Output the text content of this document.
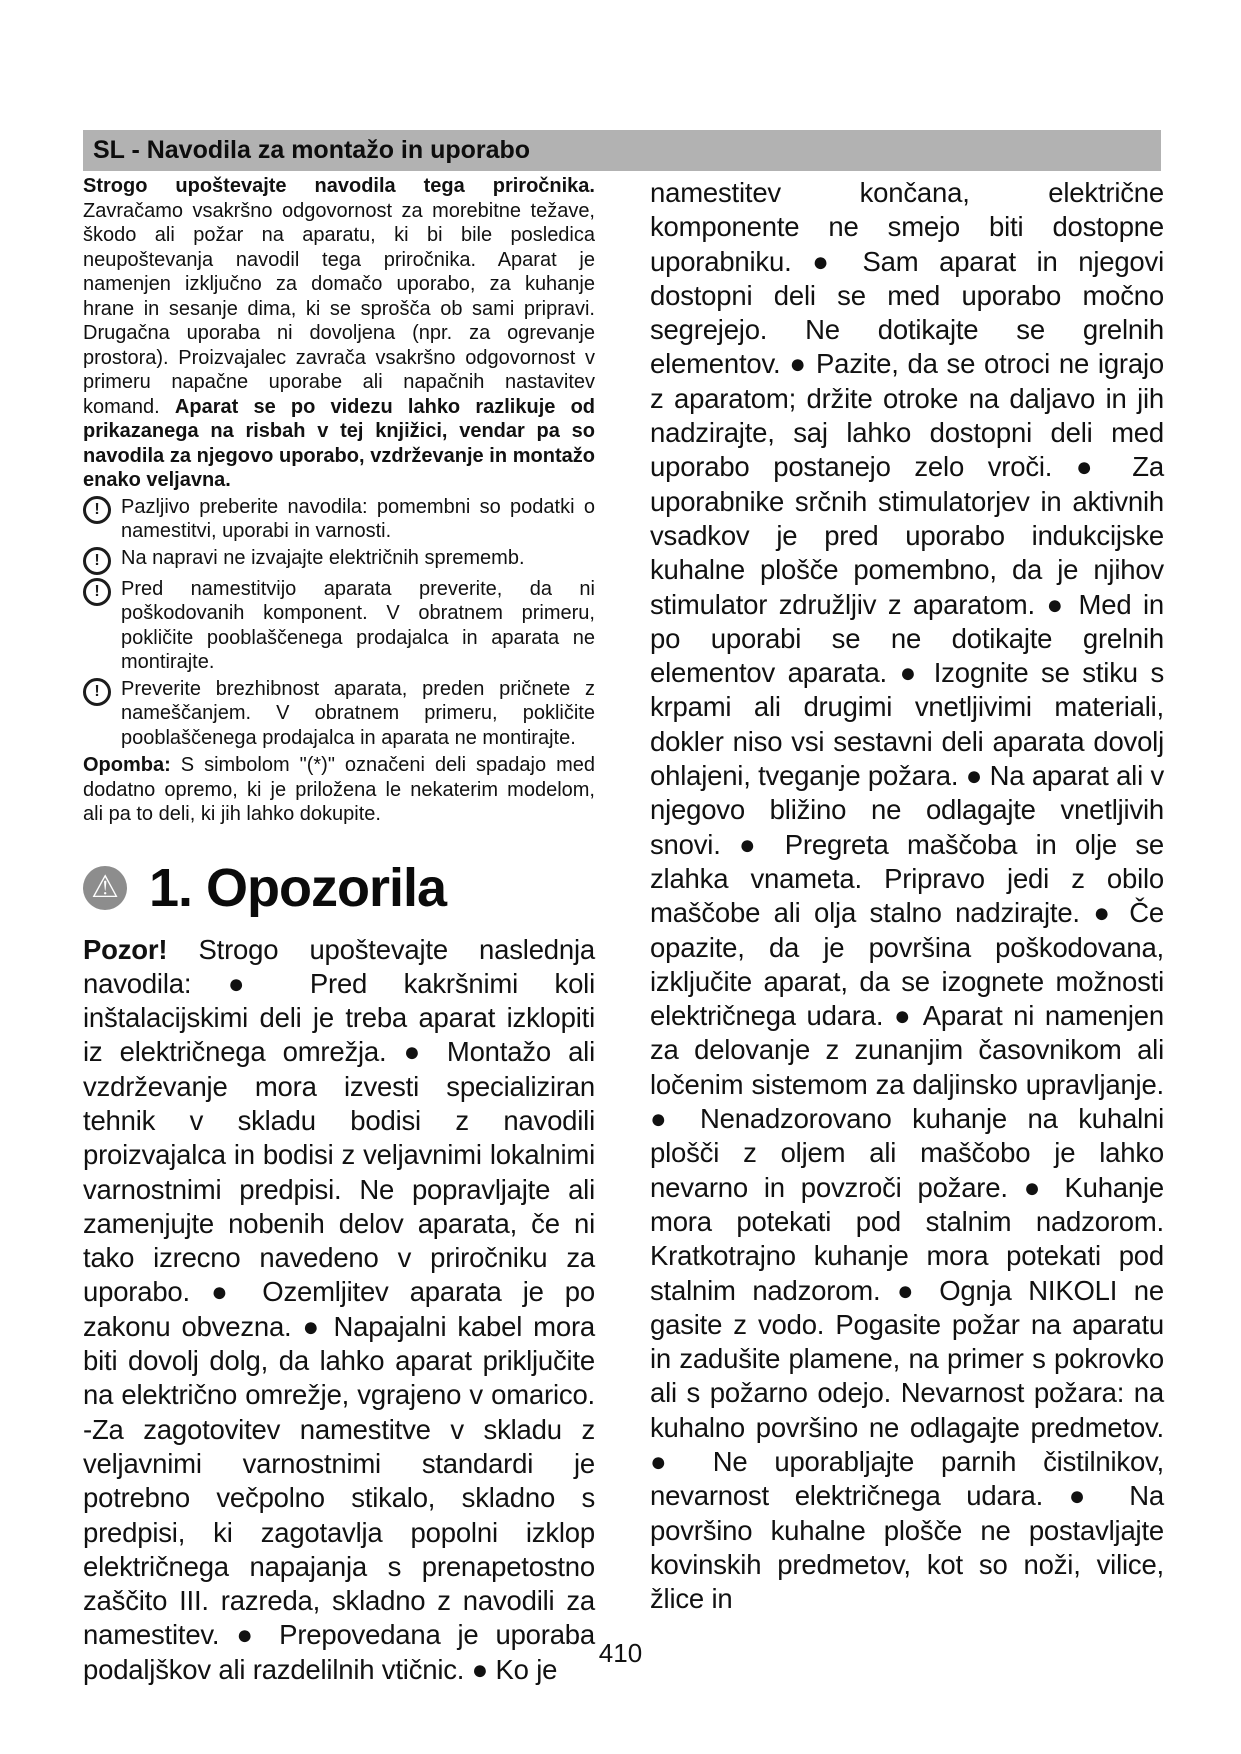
SL - Navodila za montažo in uporabo

Strogo upoštevajte navodila tega priročnika. Zavračamo vsakršno odgovornost za morebitne težave, škodo ali požar na aparatu, ki bi bile posledica neupoštevanja navodil tega priročnika. Aparat je namenjen izključno za domačo uporabo, za kuhanje hrane in sesanje dima, ki se sprošča ob sami pripravi. Drugačna uporaba ni dovoljena (npr. za ogrevanje prostora). Proizvajalec zavrača vsakršno odgovornost v primeru napačne uporabe ali napačnih nastavitev komand. Aparat se po videzu lahko razlikuje od prikazanega na risbah v tej knjižici, vendar pa so navodila za njegovo uporabo, vzdrževanje in montažo enako veljavna.

!	Pazljivo preberite navodila: pomembni so podatki o namestitvi, uporabi in varnosti.
!	Na napravi ne izvajajte električnih sprememb.
!	Pred namestitvijo aparata preverite, da ni poškodovanih komponent. V obratnem primeru, pokličite pooblaščenega prodajalca in aparata ne montirajte.
!	Preverite brezhibnost aparata, preden pričnete z nameščanjem. V obratnem primeru, pokličite pooblaščenega prodajalca in aparata ne montirajte.

Opomba: S simbolom "(*)" označeni deli spadajo med dodatno opremo, ki je priložena le nekaterim modelom, ali pa to deli, ki jih lahko dokupite.

⚠ 1. Opozorila

Pozor! Strogo upoštevajte naslednja navodila: ● Pred kakršnimi koli inštalacijskimi deli je treba aparat izklopiti iz električnega omrežja. ● Montažo ali vzdrževanje mora izvesti specializiran tehnik v skladu bodisi z navodili proizvajalca in bodisi z veljavnimi lokalnimi varnostnimi predpisi. Ne popravljajte ali zamenjujte nobenih delov aparata, če ni tako izrecno navedeno v priročniku za uporabo. ● Ozemljitev aparata je po zakonu obvezna. ● Napajalni kabel mora biti dovolj dolg, da lahko aparat priključite na električno omrežje, vgrajeno v omarico. -Za zagotovitev namestitve v skladu z veljavnimi varnostnimi standardi je potrebno večpolno stikalo, skladno s predpisi, ki zagotavlja popolni izklop električnega napajanja s prenapetostno zaščito III. razreda, skladno z navodili za namestitev. ● Prepovedana je uporaba podaljškov ali razdelilnih vtičnic. ● Ko je

namestitev končana, električne komponente ne smejo biti dostopne uporabniku. ● Sam aparat in njegovi dostopni deli se med uporabo močno segrejejo. Ne dotikajte se grelnih elementov. ● Pazite, da se otroci ne igrajo z aparatom; držite otroke na daljavo in jih nadzirajte, saj lahko dostopni deli med uporabo postanejo zelo vroči. ● Za uporabnike srčnih stimulatorjev in aktivnih vsadkov je pred uporabo indukcijske kuhalne plošče pomembno, da je njihov stimulator združljiv z aparatom. ● Med in po uporabi se ne dotikajte grelnih elementov aparata. ● Izognite se stiku s krpami ali drugimi vnetljivimi materiali, dokler niso vsi sestavni deli aparata dovolj ohlajeni, tveganje požara. ● Na aparat ali v njegovo bližino ne odlagajte vnetljivih snovi. ● Pregreta maščoba in olje se zlahka vnameta. Pripravo jedi z obilo maščobe ali olja stalno nadzirajte. ● Če opazite, da je površina poškodovana, izključite aparat, da se izognete možnosti električnega udara. ● Aparat ni namenjen za delovanje z zunanjim časovnikom ali ločenim sistemom za daljinsko upravljanje. ● Nenadzorovano kuhanje na kuhalni plošči z oljem ali maščobo je lahko nevarno in povzroči požare. ● Kuhanje mora potekati pod stalnim nadzorom. Kratkotrajno kuhanje mora potekati pod stalnim nadzorom. ● Ognja NIKOLI ne gasite z vodo. Pogasite požar na aparatu in zadušite plamene, na primer s pokrovko ali s požarno odejo. Nevarnost požara: na kuhalno površino ne odlagajte predmetov. ● Ne uporabljajte parnih čistilnikov, nevarnost električnega udara. ● Na površino kuhalne plošče ne postavljajte kovinskih predmetov, kot so noži, vilice, žlice in
410
